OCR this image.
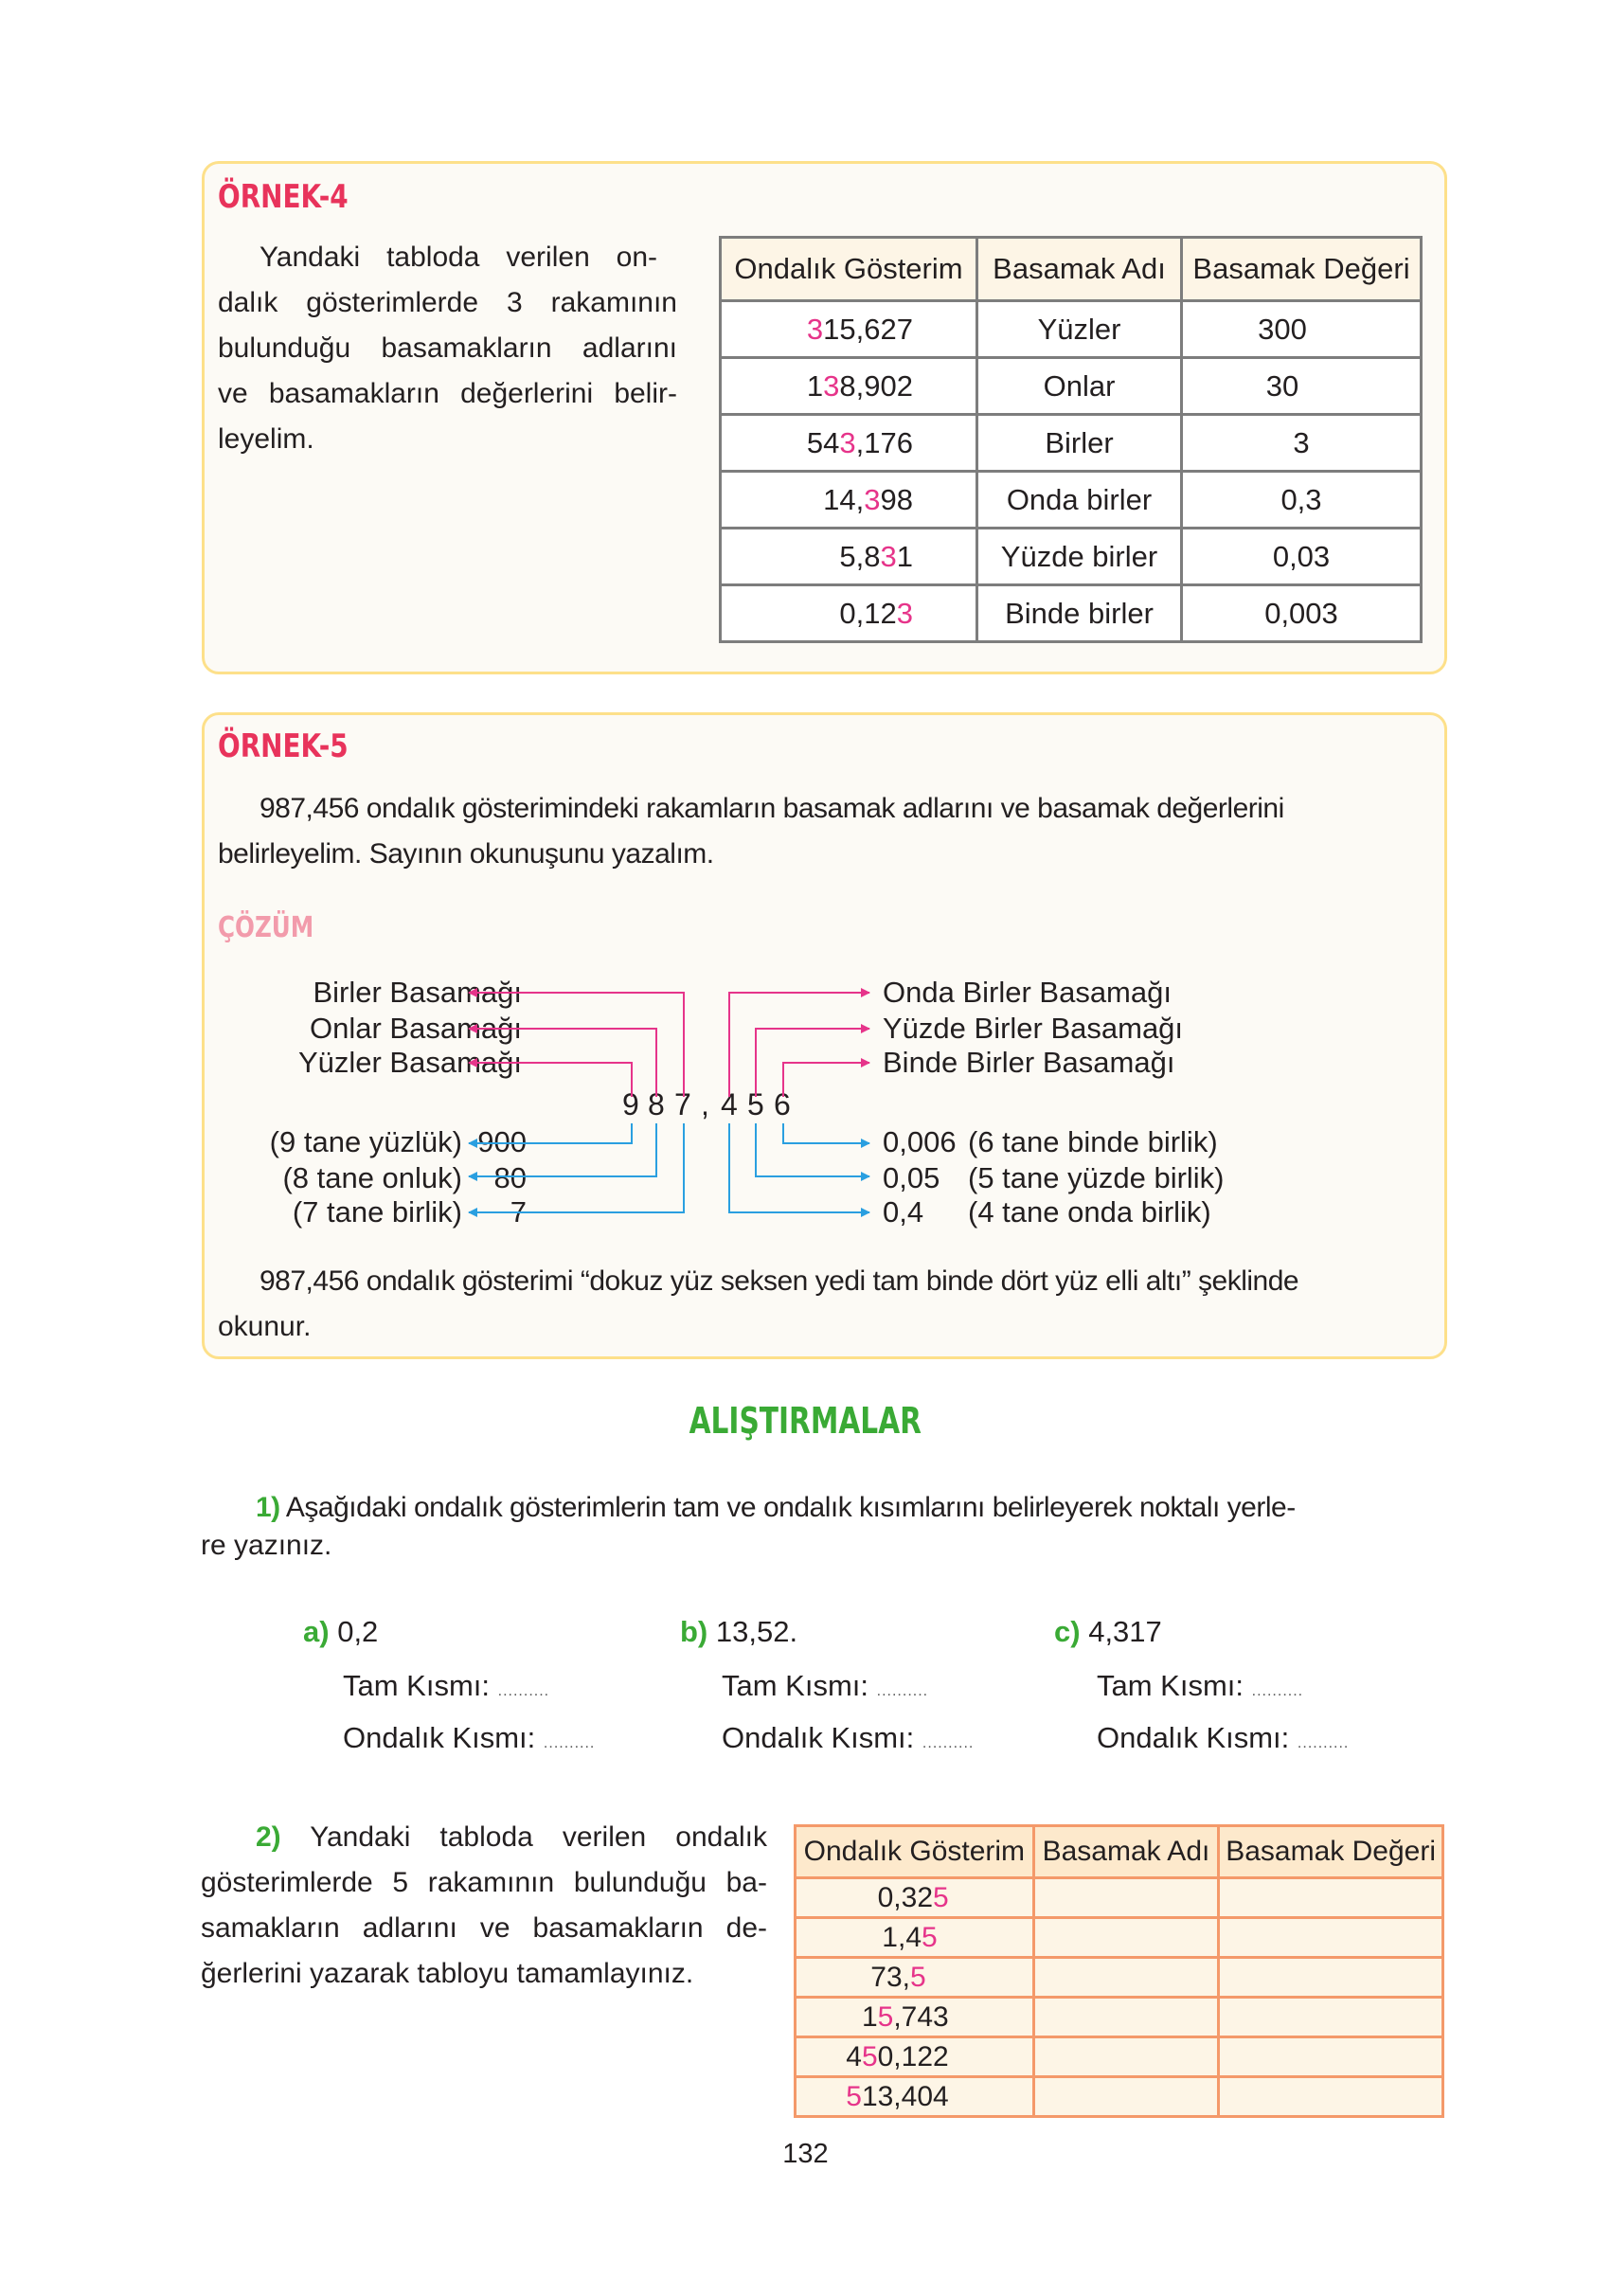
ÖRNEK-4
Yandaki tabloda verilen on-
dalık gösterimlerde 3 rakamının
bulunduğu basamakların adlarını
ve basamakların değerlerini belir-
leyelim.
Ondalık Gösterim	Basamak Adı	Basamak Değeri
315,627	Yüzler	300
138,902	Onlar	30
543,176	Birler	3
14,398	Onda birler	0,3
5,831	Yüzde birler	0,03
0,123	Binde birler	0,003
ÖRNEK-5
987,456 ondalık gösterimindeki rakamların basamak adlarını ve basamak değerlerini
belirleyelim. Sayının okunuşunu yazalım.
ÇÖZÜM
Birler Basamağı
Onlar Basamağı
Yüzler Basamağı
Onda Birler Basamağı
Yüzde Birler Basamağı
Binde Birler Basamağı
9 8 7 , 4 5 6
(9 tane yüzlük) 900
(8 tane onluk) 80
(7 tane birlik) 7
0,006 (6 tane binde birlik)
0,05 (5 tane yüzde birlik)
0,4 (4 tane onda birlik)
987,456 ondalık gösterimi “dokuz yüz seksen yedi tam binde dört yüz elli altı” şeklinde
okunur.
ALIŞTIRMALAR
1) Aşağıdaki ondalık gösterimlerin tam ve ondalık kısımlarını belirleyerek noktalı yerle-
re yazınız.
a) 0,2
Tam Kısmı: ..........
Ondalık Kısmı: ..........
b) 13,52.
Tam Kısmı: ..........
Ondalık Kısmı: ..........
c) 4,317
Tam Kısmı: ..........
Ondalık Kısmı: ..........
2) Yandaki tabloda verilen ondalık
gösterimlerde 5 rakamının bulunduğu ba-
samakların adlarını ve basamakların de-
ğerlerini yazarak tabloyu tamamlayınız.
Ondalık Gösterim	Basamak Adı	Basamak Değeri
0,325		
1,45		
73,5		
15,743		
450,122		
513,404		
132
